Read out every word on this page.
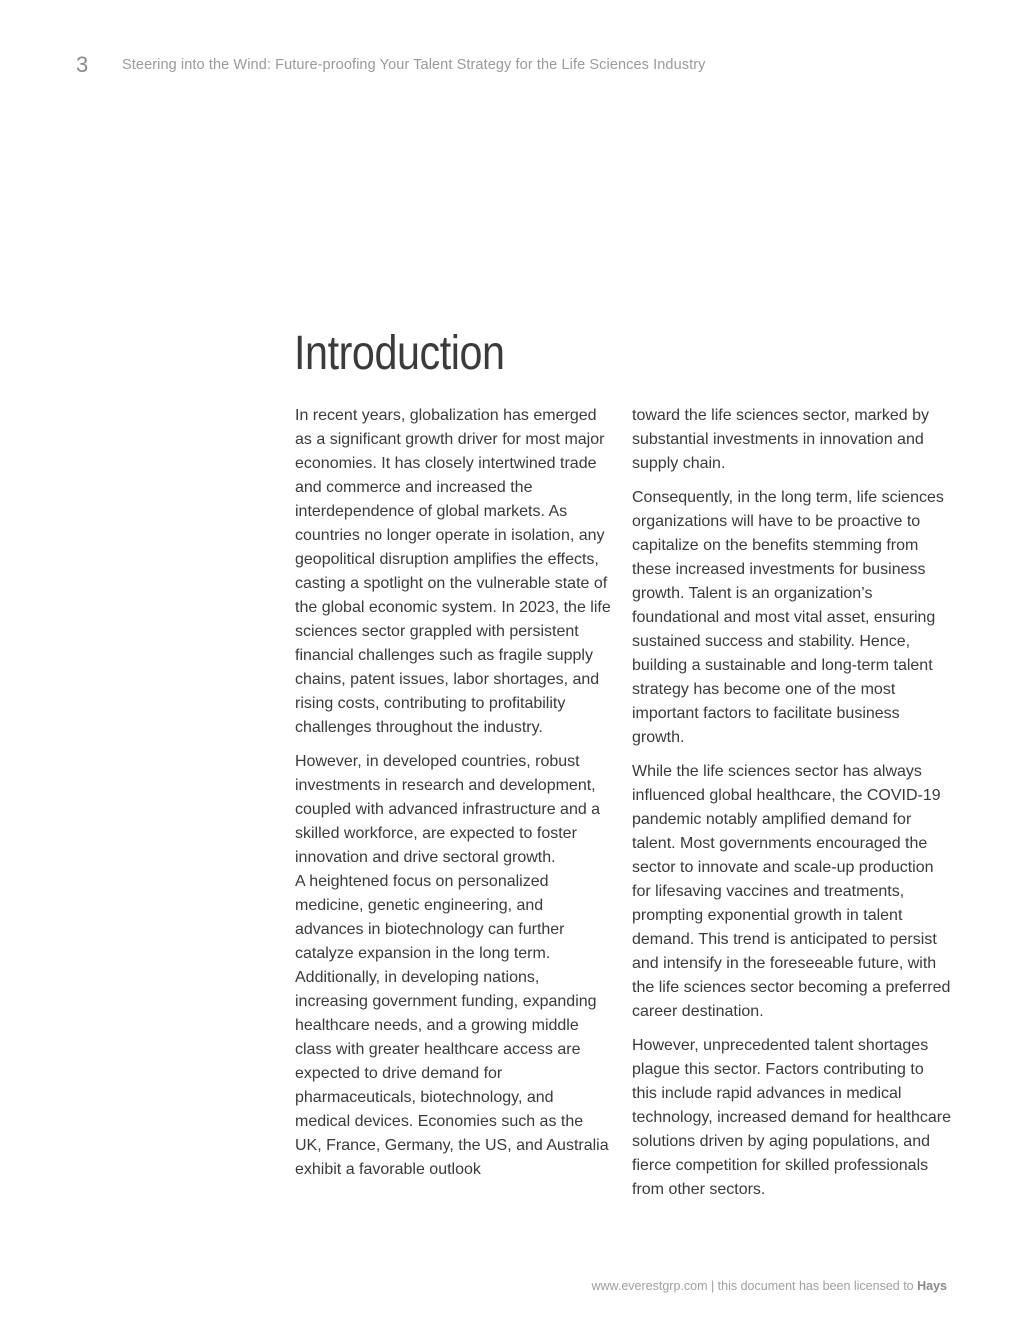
3 Steering into the Wind: Future-proofing Your Talent Strategy for the Life Sciences Industry
Introduction

In recent years, globalization has emerged as a significant growth driver for most major economies. It has closely intertwined trade and commerce and increased the interdependence of global markets. As countries no longer operate in isolation, any geopolitical disruption amplifies the effects, casting a spotlight on the vulnerable state of the global economic system. In 2023, the life sciences sector grappled with persistent financial challenges such as fragile supply chains, patent issues, labor shortages, and rising costs, contributing to profitability challenges throughout the industry.

However, in developed countries, robust investments in research and development, coupled with advanced infrastructure and a skilled workforce, are expected to foster innovation and drive sectoral growth.

A heightened focus on personalized medicine, genetic engineering, and advances in biotechnology can further catalyze expansion in the long term. Additionally, in developing nations, increasing government funding, expanding healthcare needs, and a growing middle class with greater healthcare access are expected to drive demand for pharmaceuticals, biotechnology, and medical devices. Economies such as the UK, France, Germany, the US, and Australia exhibit a favorable outlook

toward the life sciences sector, marked by substantial investments in innovation and supply chain.

Consequently, in the long term, life sciences organizations will have to be proactive to capitalize on the benefits stemming from these increased investments for business growth. Talent is an organization’s foundational and most vital asset, ensuring sustained success and stability. Hence, building a sustainable and long-term talent strategy has become one of the most important factors to facilitate business growth.

While the life sciences sector has always influenced global healthcare, the COVID-19 pandemic notably amplified demand for talent. Most governments encouraged the sector to innovate and scale-up production for lifesaving vaccines and treatments, prompting exponential growth in talent demand. This trend is anticipated to persist and intensify in the foreseeable future, with the life sciences sector becoming a preferred career destination.

However, unprecedented talent shortages plague this sector. Factors contributing to this include rapid advances in medical technology, increased demand for healthcare solutions driven by aging populations, and fierce competition for skilled professionals from other sectors.

www.everestgrp.com | this document has been licensed to Hays
